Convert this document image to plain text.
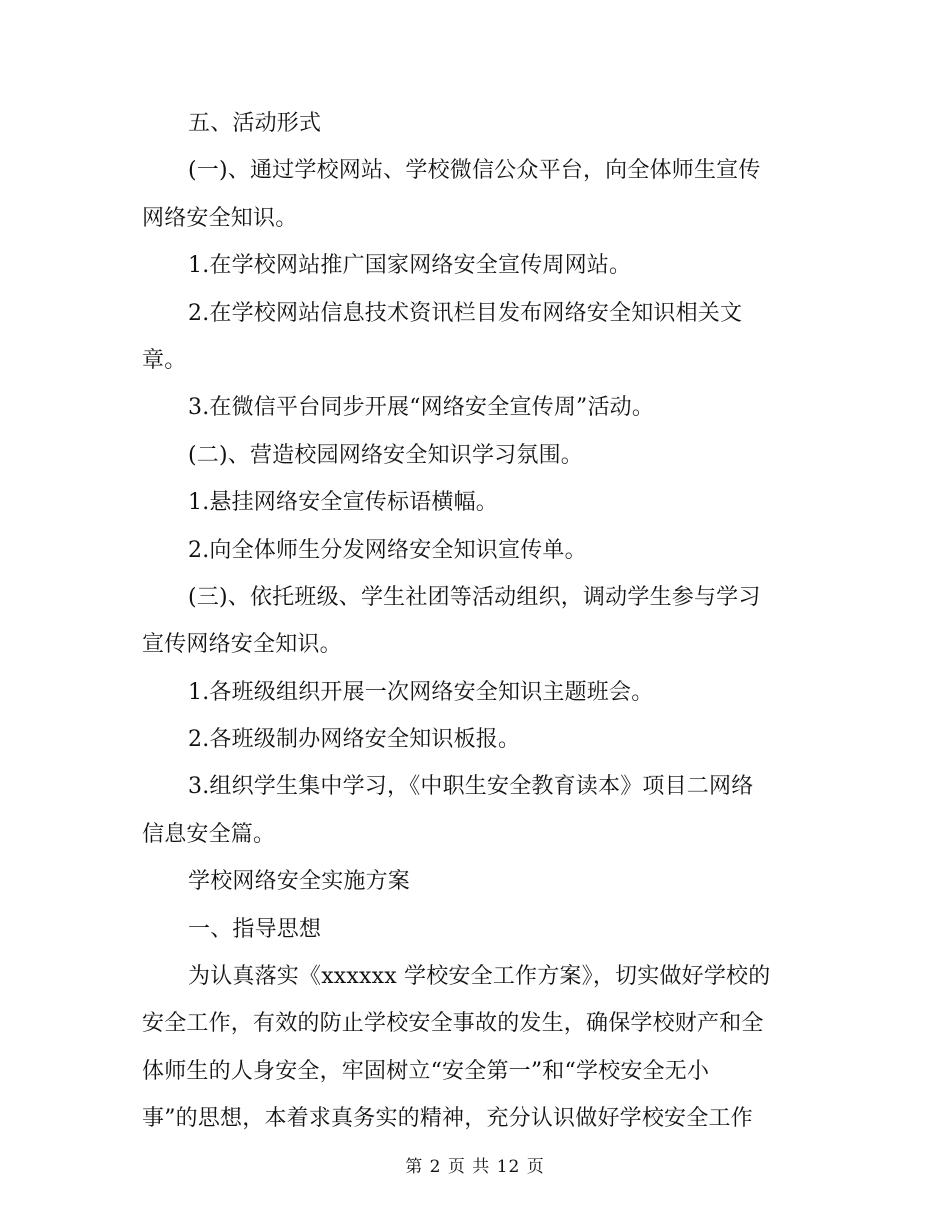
五、活动形式
(一)、通过学校网站、学校微信公众平台，向全体师生宣传
网络安全知识。
1.在学校网站推广国家网络安全宣传周网站。
2.在学校网站信息技术资讯栏目发布网络安全知识相关文
章。
3.在微信平台同步开展“网络安全宣传周”活动。
(二)、营造校园网络安全知识学习氛围。
1.悬挂网络安全宣传标语横幅。
2.向全体师生分发网络安全知识宣传单。
(三)、依托班级、学生社团等活动组织，调动学生参与学习
宣传网络安全知识。
1.各班级组织开展一次网络安全知识主题班会。
2.各班级制办网络安全知识板报。
3.组织学生集中学习，《中职生安全教育读本》项目二网络
信息安全篇。
学校网络安全实施方案
一、指导思想
为认真落实《xxxxxx 学校安全工作方案》，切实做好学校的
安全工作，有效的防止学校安全事故的发生，确保学校财产和全
体师生的人身安全，牢固树立“安全第一”和“学校安全无小
事”的思想，本着求真务实的精神，充分认识做好学校安全工作
第 2 页 共 12 页
